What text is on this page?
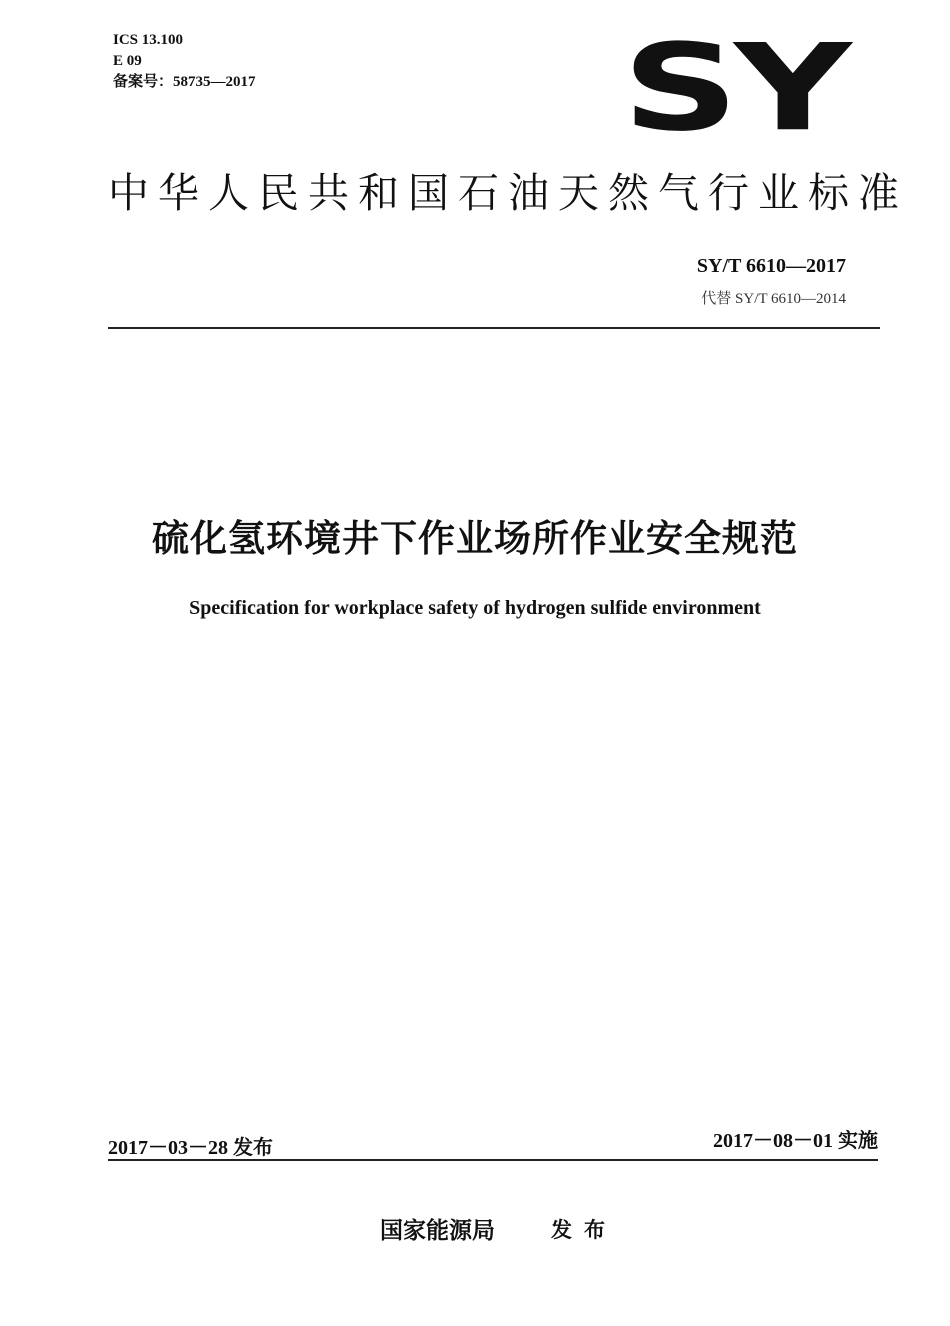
ICS 13.100
E 09
备案号：58735—2017	SY
中华人民共和国石油天然气行业标准
SY/T 6610—2017
代替 SY/T 6610—2014
硫化氢环境井下作业场所作业安全规范
Specification for workplace safety of hydrogen sulfide environment
2017－03－28 发布	2017－08－01 实施
国家能源局	发布
